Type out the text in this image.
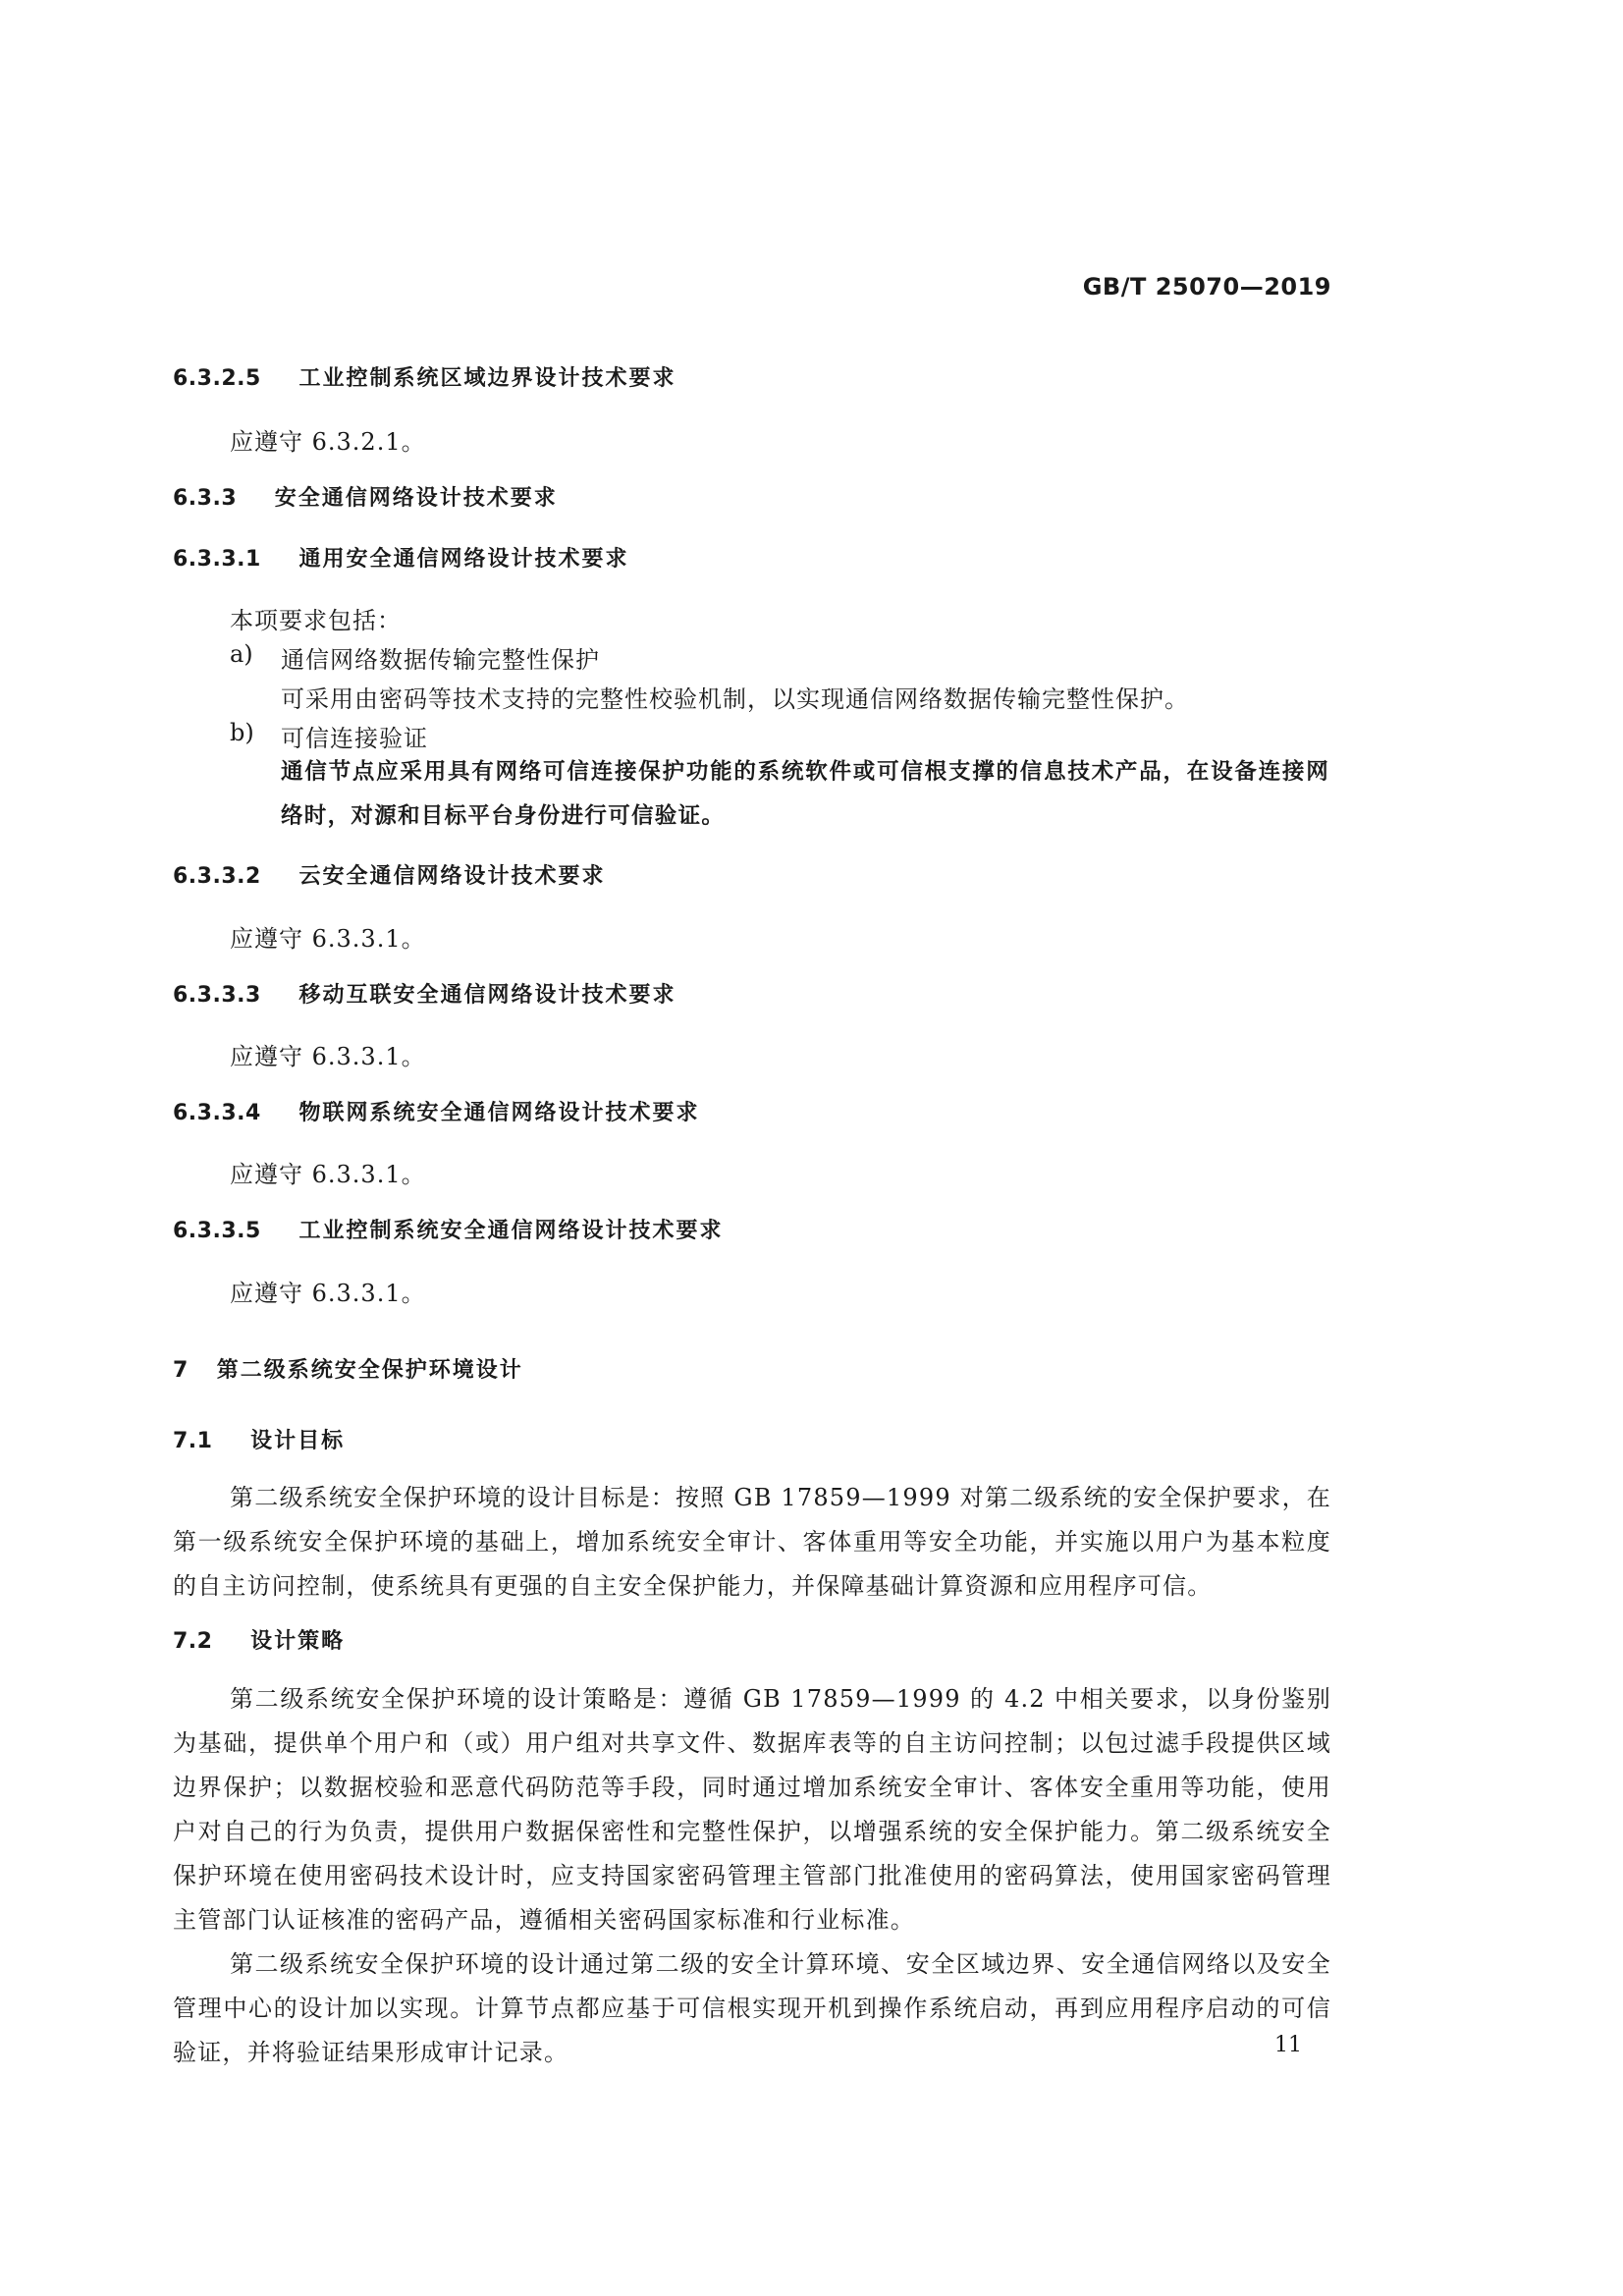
GB/T 25070—2019
6.3.2.5 工业控制系统区域边界设计技术要求
应遵守 6.3.2.1。
6.3.3 安全通信网络设计技术要求
6.3.3.1 通用安全通信网络设计技术要求
本项要求包括：
a) 通信网络数据传输完整性保护
可采用由密码等技术支持的完整性校验机制，以实现通信网络数据传输完整性保护。
b) 可信连接验证
通信节点应采用具有网络可信连接保护功能的系统软件或可信根支撑的信息技术产品，在设备连接网络时，对源和目标平台身份进行可信验证。
6.3.3.2 云安全通信网络设计技术要求
应遵守 6.3.3.1。
6.3.3.3 移动互联安全通信网络设计技术要求
应遵守 6.3.3.1。
6.3.3.4 物联网系统安全通信网络设计技术要求
应遵守 6.3.3.1。
6.3.3.5 工业控制系统安全通信网络设计技术要求
应遵守 6.3.3.1。
7 第二级系统安全保护环境设计
7.1 设计目标

第二级系统安全保护环境的设计目标是：按照 GB 17859—1999 对第二级系统的安全保护要求，在第一级系统安全保护环境的基础上，增加系统安全审计、客体重用等安全功能，并实施以用户为基本粒度的自主访问控制，使系统具有更强的自主安全保护能力，并保障基础计算资源和应用程序可信。

7.2 设计策略

第二级系统安全保护环境的设计策略是：遵循 GB 17859—1999 的 4.2 中相关要求，以身份鉴别为基础，提供单个用户和（或）用户组对共享文件、数据库表等的自主访问控制；以包过滤手段提供区域边界保护；以数据校验和恶意代码防范等手段，同时通过增加系统安全审计、客体安全重用等功能，使用户对自己的行为负责，提供用户数据保密性和完整性保护，以增强系统的安全保护能力。第二级系统安全保护环境在使用密码技术设计时，应支持国家密码管理主管部门批准使用的密码算法，使用国家密码管理主管部门认证核准的密码产品，遵循相关密码国家标准和行业标准。

第二级系统安全保护环境的设计通过第二级的安全计算环境、安全区域边界、安全通信网络以及安全管理中心的设计加以实现。计算节点都应基于可信根实现开机到操作系统启动，再到应用程序启动的可信验证，并将验证结果形成审计记录。	11
